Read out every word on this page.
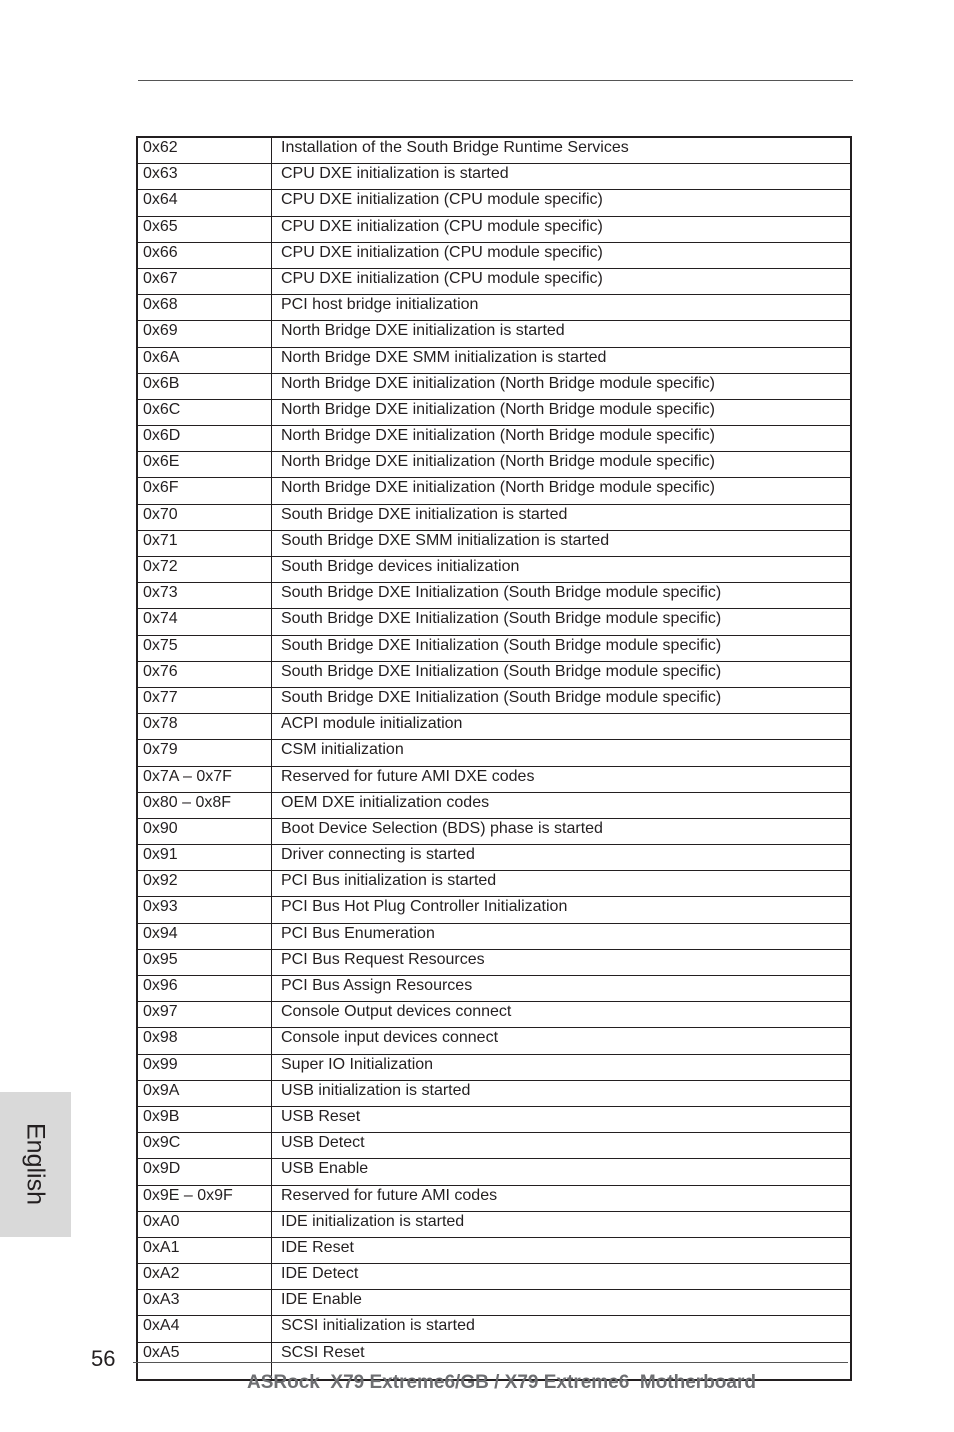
0x62	Installation of the South Bridge Runtime Services
0x63	CPU DXE initialization is started
0x64	CPU DXE initialization (CPU module specific)
0x65	CPU DXE initialization (CPU module specific)
0x66	CPU DXE initialization (CPU module specific)
0x67	CPU DXE initialization (CPU module specific)
0x68	PCI host bridge initialization
0x69	North Bridge DXE initialization is started
0x6A	North Bridge DXE SMM initialization is started
0x6B	North Bridge DXE initialization (North Bridge module specific)
0x6C	North Bridge DXE initialization (North Bridge module specific)
0x6D	North Bridge DXE initialization (North Bridge module specific)
0x6E	North Bridge DXE initialization (North Bridge module specific)
0x6F	North Bridge DXE initialization (North Bridge module specific)
0x70	South Bridge DXE initialization is started
0x71	South Bridge DXE SMM initialization is started
0x72	South Bridge devices initialization
0x73	South Bridge DXE Initialization (South Bridge module specific)
0x74	South Bridge DXE Initialization (South Bridge module specific)
0x75	South Bridge DXE Initialization (South Bridge module specific)
0x76	South Bridge DXE Initialization (South Bridge module specific)
0x77	South Bridge DXE Initialization (South Bridge module specific)
0x78	ACPI module initialization
0x79	CSM initialization
0x7A – 0x7F	Reserved for future AMI DXE codes
0x80 – 0x8F	OEM DXE initialization codes
0x90	Boot Device Selection (BDS) phase is started
0x91	Driver connecting is started
0x92	PCI Bus initialization is started
0x93	PCI Bus Hot Plug Controller Initialization
0x94	PCI Bus Enumeration
0x95	PCI Bus Request Resources
0x96	PCI Bus Assign Resources
0x97	Console Output devices connect
0x98	Console input devices connect
0x99	Super IO Initialization
0x9A	USB initialization is started
0x9B	USB Reset
0x9C	USB Detect
0x9D	USB Enable
0x9E – 0x9F	Reserved for future AMI codes
0xA0	IDE initialization is started
0xA1	IDE Reset
0xA2	IDE Detect
0xA3	IDE Enable
0xA4	SCSI initialization is started
0xA5	SCSI Reset
English
56
ASRock  X79 Extreme6/GB / X79 Extreme6  Motherboard
